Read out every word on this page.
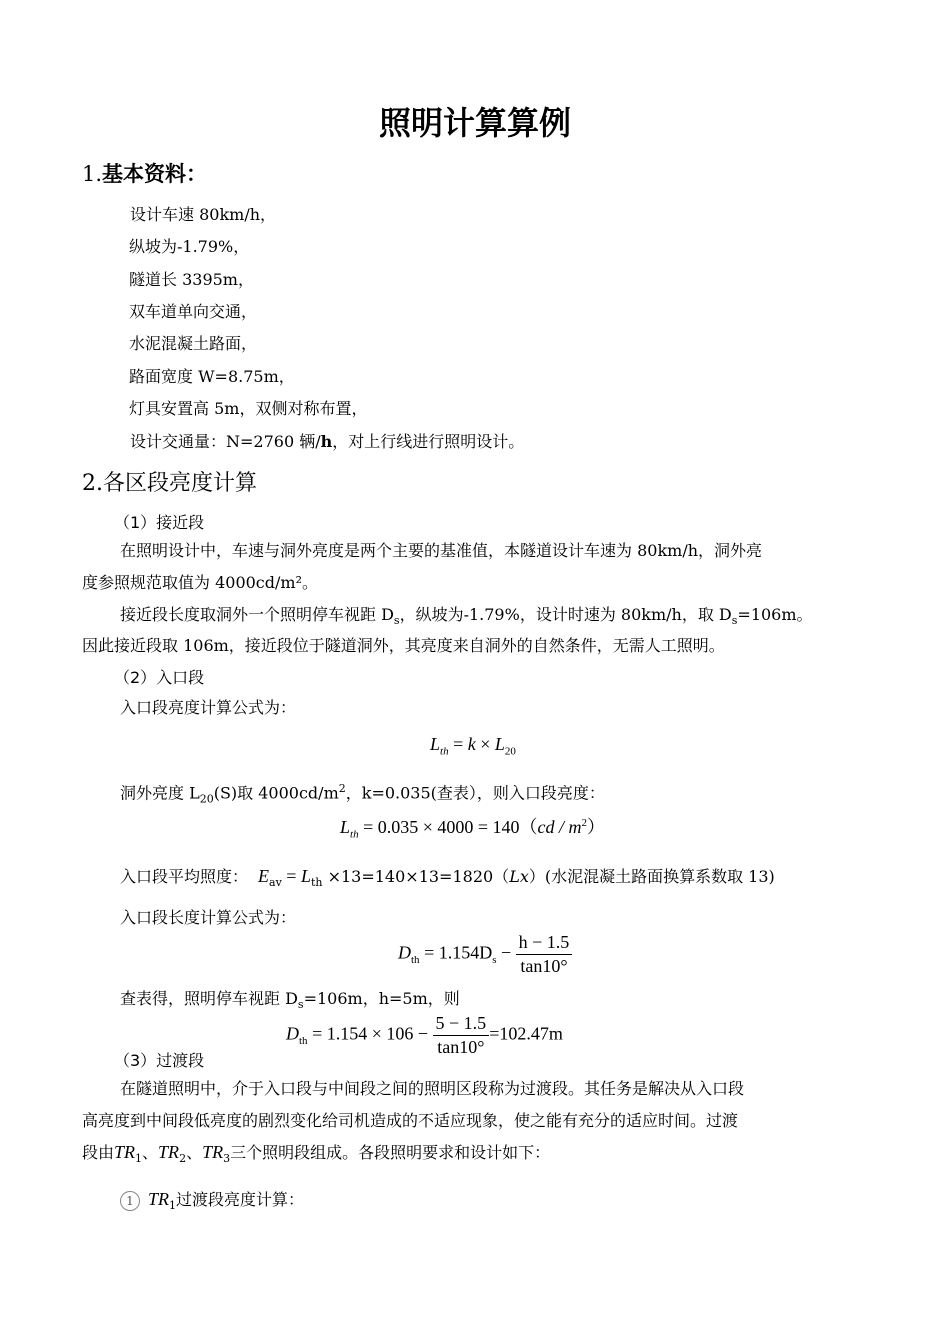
照明计算算例
1.基本资料：
设计车速 80km/h，
纵坡为-1.79%，
隧道长 3395m，
双车道单向交通，
水泥混凝土路面，
路面宽度 W=8.75m，
灯具安置高 5m，双侧对称布置，
设计交通量：N=2760 辆/h，对上行线进行照明设计。
2.各区段亮度计算
（1）接近段
在照明设计中，车速与洞外亮度是两个主要的基准值，本隧道设计车速为 80km/h，洞外亮
度参照规范取值为 4000cd/m²。
接近段长度取洞外一个照明停车视距 $D_s$，纵坡为-1.79%，设计时速为 80km/h，取 $D_s=106m$。
因此接近段取 106m，接近段位于隧道洞外，其亮度来自洞外的自然条件，无需人工照明。
（2）入口段
入口段亮度计算公式为：
$L_{th} = k \times L_{20}$
洞外亮度 $L_{20}(S)$取 $4000cd/m^2$，k=0.035(查表），则入口段亮度：
$L_{th} = 0.035 \times 4000 = 140(cd / m^2)$
入口段平均照度： $E_{av} = L_{th} \times 13=140\times 13=1820(Lx)$(水泥混凝土路面换算系数取 13)
入口段长度计算公式为：
$D_{th} = 1.154D_s - \frac{h - 1.5}{\tan 10^\circ}$
查表得，照明停车视距 $D_s=106m$，h=5m，则
$D_{th} = 1.154 \times 106 - \frac{5 - 1.5}{\tan 10^\circ} =102.47m$
（3）过渡段
在隧道照明中，介于入口段与中间段之间的照明区段称为过渡段。其任务是解决从入口段
高亮度到中间段低亮度的剧烈变化给司机造成的不适应现象，使之能有充分的适应时间。过渡
段由$TR_1$、$TR_2$、$TR_3$三个照明段组成。各段照明要求和设计如下：
1 $TR_1$过渡段亮度计算：
